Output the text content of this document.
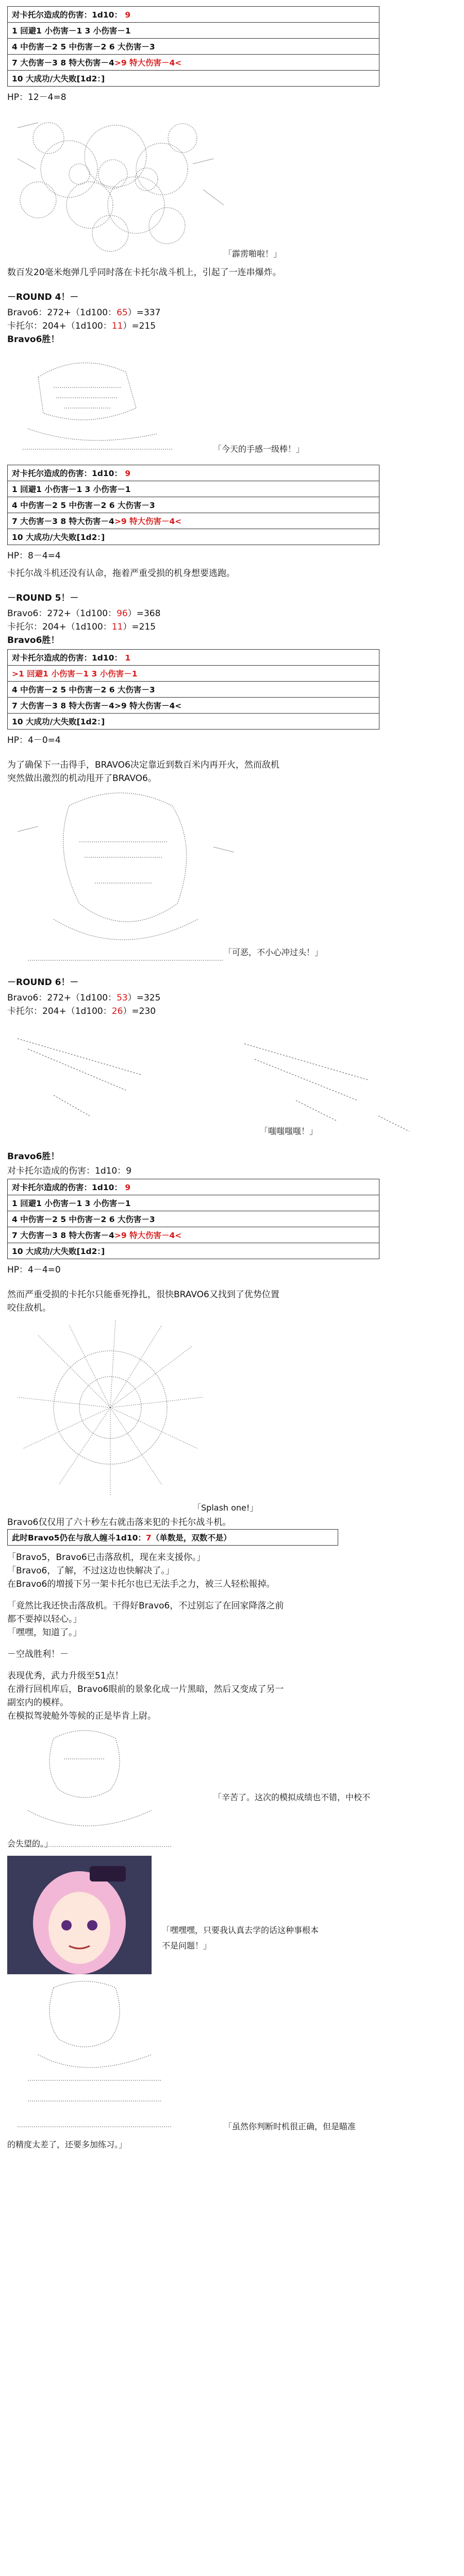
对卡托尔造成的伤害：1d10： 9
1 回避1 小伤害－1 3 小伤害－1
4 中伤害－2 5 中伤害－2 6 大伤害－3
7 大伤害－3 8 特大伤害－4>9 特大伤害－4<
10 大成功/大失败[1d2：]
HP：12－4=8
「霹雳啪啦！」
数百发20毫米炮弹几乎同时落在卡托尔战斗机上，引起了一连串爆炸。
－ROUND 4！－
Bravo6：272+（1d100：65）=337
卡托尔：204+（1d100：11）=215
Bravo6胜！
「今天的手感一级棒！」
对卡托尔造成的伤害：1d10： 9
1 回避1 小伤害－1 3 小伤害－1
4 中伤害－2 5 中伤害－2 6 大伤害－3
7 大伤害－3 8 特大伤害－4>9 特大伤害－4<
10 大成功/大失败[1d2：]
HP：8－4=4
卡托尔战斗机还没有认命，拖着严重受损的机身想要逃跑。
－ROUND 5！－
Bravo6：272+（1d100：96）=368
卡托尔：204+（1d100：11）=215
Bravo6胜！
对卡托尔造成的伤害：1d10： 1
>1 回避1 小伤害－1 3 小伤害－1
4 中伤害－2 5 中伤害－2 6 大伤害－3
7 大伤害－3 8 特大伤害－4>9 特大伤害－4<
10 大成功/大失败[1d2：]
HP：4－0=4
为了确保下一击得手，BRAVO6决定靠近到数百米内再开火，然而敌机
突然做出激烈的机动甩开了BRAVO6。
「可恶，不小心冲过头！」
－ROUND 6！－
Bravo6：272+（1d100：53）=325
卡托尔：204+（1d100：26）=230
「嗤嗤嗤嗤！」
Bravo6胜！
对卡托尔造成的伤害：1d10：9
对卡托尔造成的伤害：1d10： 9
1 回避1 小伤害－1 3 小伤害－1
4 中伤害－2 5 中伤害－2 6 大伤害－3
7 大伤害－3 8 特大伤害－4>9 特大伤害－4<
10 大成功/大失败[1d2：]
HP：4－4=0
然而严重受损的卡托尔只能垂死挣扎，很快BRAVO6又找到了优势位置
咬住敌机。
「Splash one!」
Bravo6仅仅用了六十秒左右就击落来犯的卡托尔战斗机。
此时Bravo5仍在与敌人缠斗1d10：7（单数是，双数不是）
「Bravo5，Bravo6已击落敌机，现在来支援你。」
「Bravo6，了解，不过这边也快解决了。」
在Bravo6的増援下另一架卡托尔也已无法手之力，被三人轻松報掉。
「竟然比我还快击落敌机。干得好Bravo6，不过别忘了在回家降落之前
都不要掉以轻心。」
「嘿嘿，知道了。」
－空战胜利！－
表现优秀，武力升级至51点！
在滑行回机库后，Bravo6眼前的景象化成一片黑暗，然后又变成了另一
副室内的模样。
在模拟驾驶舱外等候的正是毕肯上尉。
「辛苦了。这次的模拟成绩也不错，中校不
会失望的。」
「嘿嘿嘿，只要我认真去学的话这种事根本
不是问题！」
「虽然你判断时机很正确，但是瞄准
的精度太差了，还要多加练习。」
